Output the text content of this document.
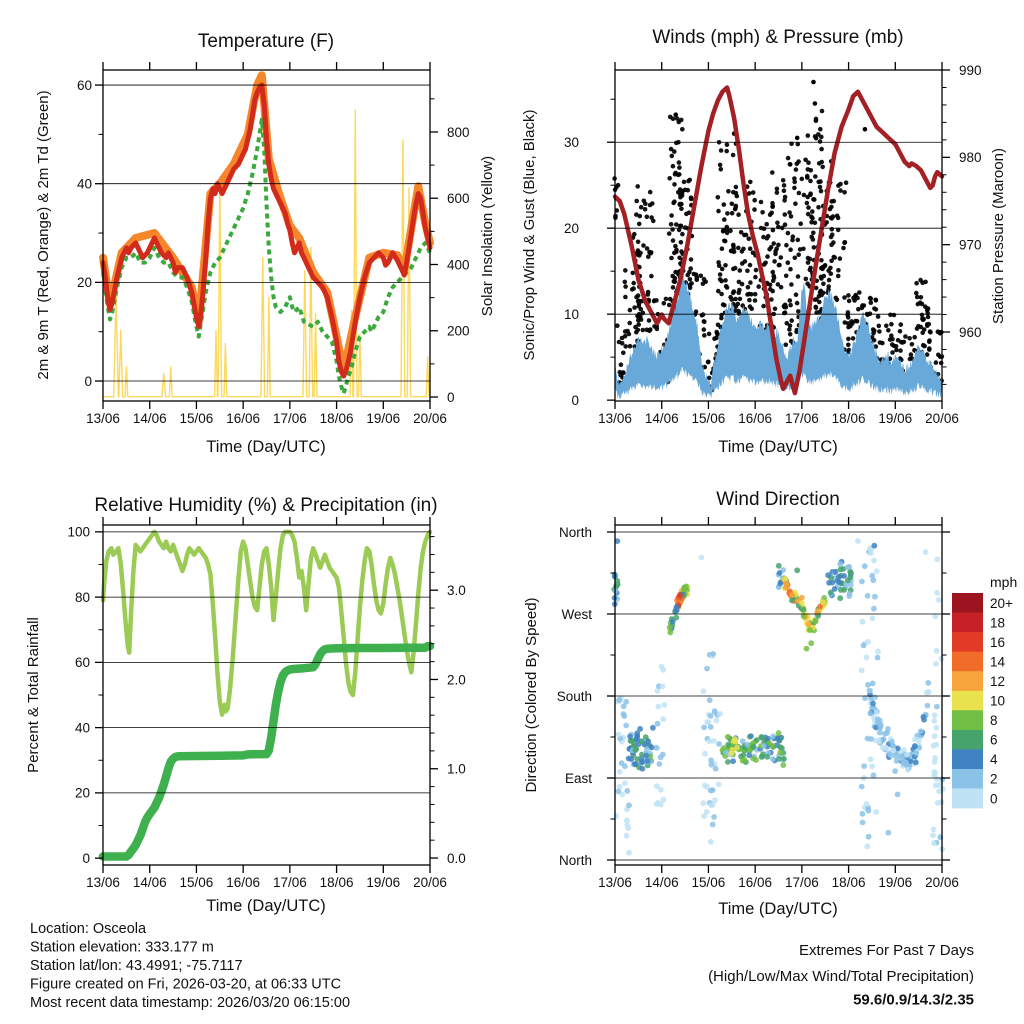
13/06 14/06 15/06 16/06 17/06 18/06 19/06 20/06
0
20
40
60
0
200
400
600
800
13/06 14/06 15/06 16/06 17/06 18/06 19/06 20/06
0
10
20
30
960
970
980
990
13/06 14/06 15/06 16/06 17/06 18/06 19/06 20/06
0
20
40
60
80
100
0.0
1.0
2.0
3.0
13/06 14/06 15/06 16/06 17/06 18/06 19/06 20/06
North
East
South
West
North
20+
18
16
14
12
10
8
6
4
2
0
Temperature (F)	Winds (mph) & Pressure (mb)
Relative Humidity (%) & Precipitation (in)	Wind Direction
2m & 9m T (Red, Orange) & 2m Td (Green)	Solar Insolation (Yellow) Sonic/Prop Wind & Gust (Blue, Black)	Station Pressure (Maroon)
Percent & Total Rainfall	Direction (Colored By Speed)
Time (Day/UTC)	Time (Day/UTC)
Time (Day/UTC)	Time (Day/UTC)
mph
Location: Osceola
Station elevation: 333.177 m
Station lat/lon: 43.4991; -75.7117
Figure created on Fri, 2026-03-20, at 06:33 UTC
Most recent data timestamp: 2026/03/20 06:15:00
Extremes For Past 7 Days
(High/Low/Max Wind/Total Precipitation)
59.6/0.9/14.3/2.35
